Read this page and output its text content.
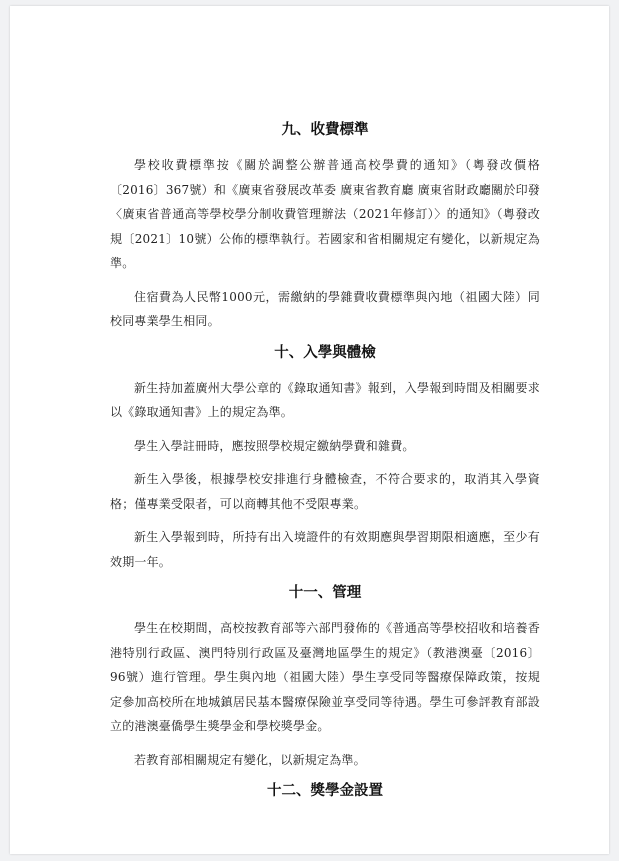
九、收費標準

學校收費標準按《關於調整公辦普通高校學費的通知》（粵發改價格〔2016〕367號）和《廣東省發展改革委 廣東省教育廳 廣東省財政廳關於印發〈廣東省普通高等學校學分制收費管理辦法（2021年修訂）〉的通知》（粵發改規〔2021〕10號）公佈的標準執行。若國家和省相關規定有變化，以新規定為準。

住宿費為人民幣1000元，需繳納的學雜費收費標準與內地（祖國大陸）同校同專業學生相同。

十、入學與體檢

新生持加蓋廣州大學公章的《錄取通知書》報到，入學報到時間及相關要求以《錄取通知書》上的規定為準。

學生入學註冊時，應按照學校規定繳納學費和雜費。

新生入學後，根據學校安排進行身體檢查，不符合要求的，取消其入學資格；僅專業受限者，可以商轉其他不受限專業。

新生入學報到時，所持有出入境證件的有效期應與學習期限相適應，至少有效期一年。

十一、管理

學生在校期間，高校按教育部等六部門發佈的《普通高等學校招收和培養香港特別行政區、澳門特別行政區及臺灣地區學生的規定》（教港澳臺〔2016〕96號）進行管理。學生與內地（祖國大陸）學生享受同等醫療保障政策，按規定參加高校所在地城鎮居民基本醫療保險並享受同等待遇。學生可參評教育部設立的港澳臺僑學生獎學金和學校獎學金。

若教育部相關規定有變化，以新規定為準。

十二、獎學金設置
